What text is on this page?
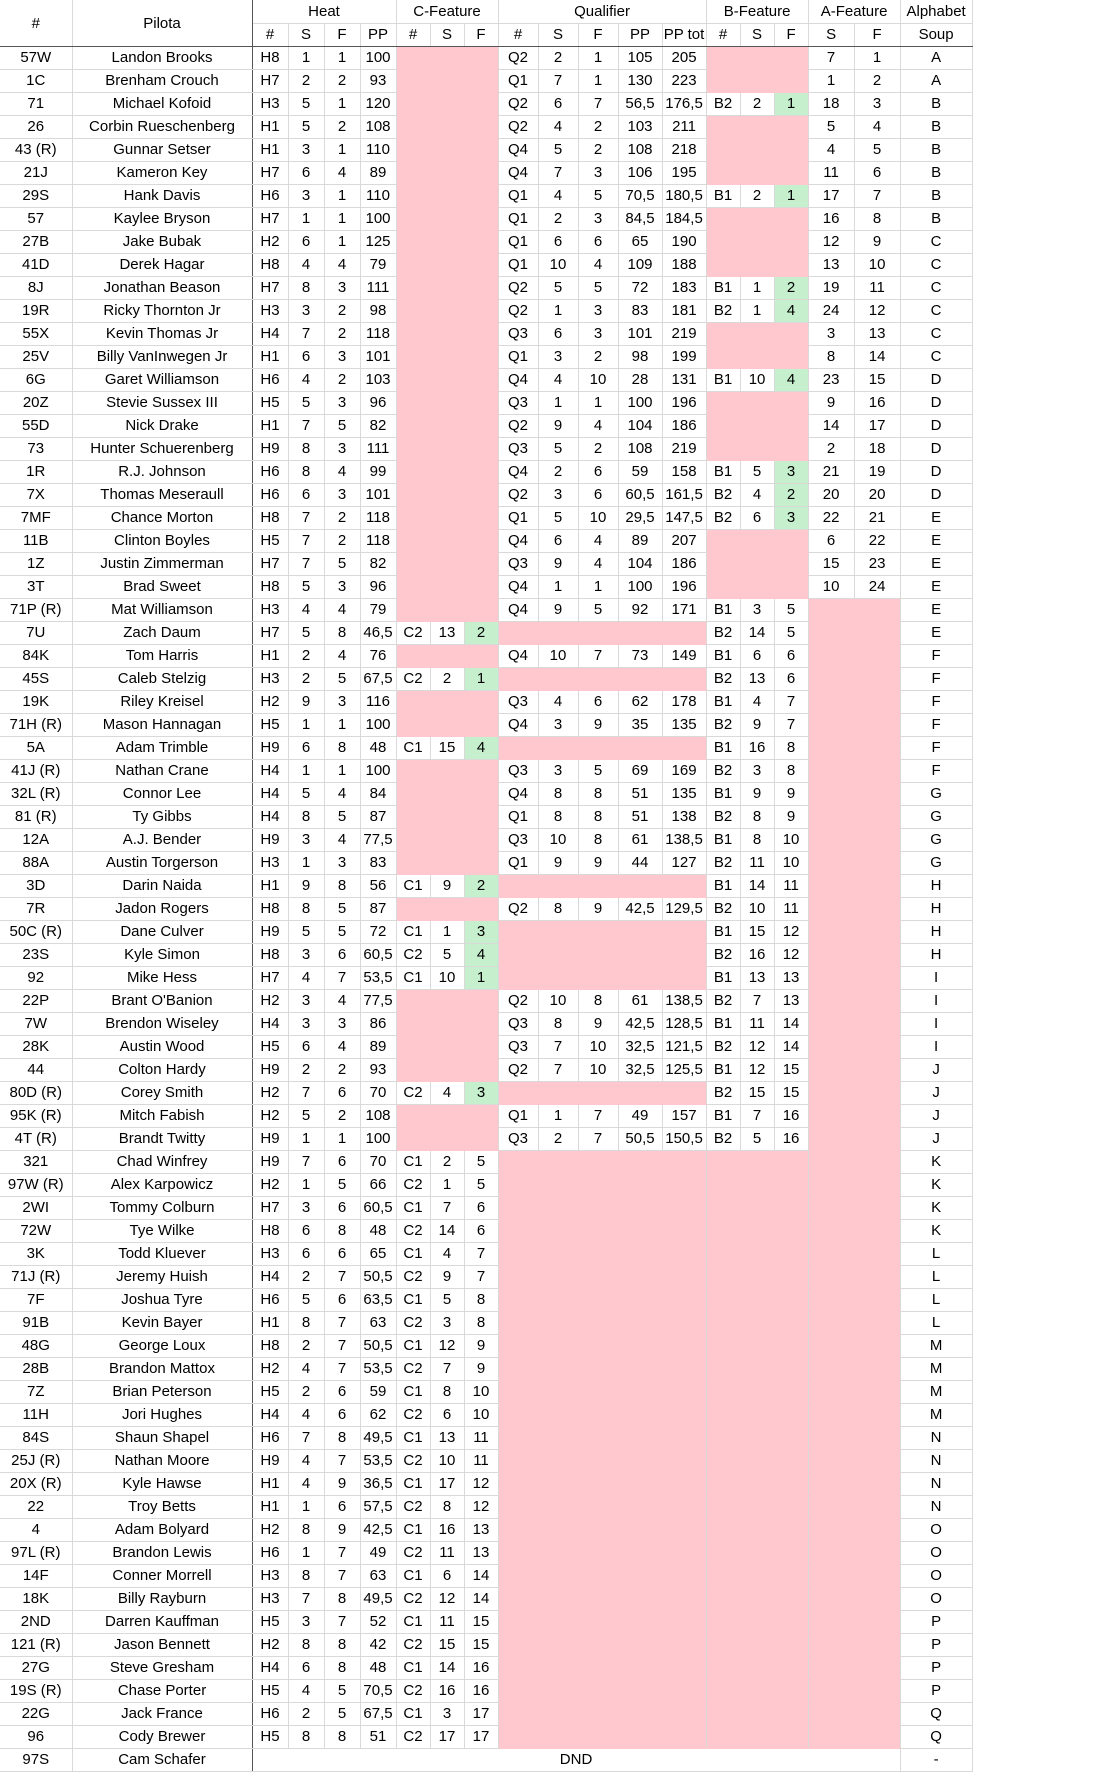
#	Pilota	Heat				C-Feature			Qualifier					B-Feature			A-Feature		Alphabet
		#	S	F	PP	#	S	F	#	S	F	PP	PP tot	#	S	F	S	F	Soup
57W	Landon Brooks	H8	1	1	100				Q2	2	1	105	205				7	1	A
1C	Brenham Crouch	H7	2	2	93				Q1	7	1	130	223				1	2	A
71	Michael Kofoid	H3	5	1	120				Q2	6	7	56,5	176,5	B2	2	1	18	3	B
26	Corbin Rueschenberg	H1	5	2	108				Q2	4	2	103	211				5	4	B
43 (R)	Gunnar Setser	H1	3	1	110				Q4	5	2	108	218				4	5	B
21J	Kameron Key	H7	6	4	89				Q4	7	3	106	195				11	6	B
29S	Hank Davis	H6	3	1	110				Q1	4	5	70,5	180,5	B1	2	1	17	7	B
57	Kaylee Bryson	H7	1	1	100				Q1	2	3	84,5	184,5				16	8	B
27B	Jake Bubak	H2	6	1	125				Q1	6	6	65	190				12	9	C
41D	Derek Hagar	H8	4	4	79				Q1	10	4	109	188				13	10	C
8J	Jonathan Beason	H7	8	3	111				Q2	5	5	72	183	B1	1	2	19	11	C
19R	Ricky Thornton Jr	H3	3	2	98				Q2	1	3	83	181	B2	1	4	24	12	C
55X	Kevin Thomas Jr	H4	7	2	118				Q3	6	3	101	219				3	13	C
25V	Billy VanInwegen Jr	H1	6	3	101				Q1	3	2	98	199				8	14	C
6G	Garet Williamson	H6	4	2	103				Q4	4	10	28	131	B1	10	4	23	15	D
20Z	Stevie Sussex III	H5	5	3	96				Q3	1	1	100	196				9	16	D
55D	Nick Drake	H1	7	5	82				Q2	9	4	104	186				14	17	D
73	Hunter Schuerenberg	H9	8	3	111				Q3	5	2	108	219				2	18	D
1R	R.J. Johnson	H6	8	4	99				Q4	2	6	59	158	B1	5	3	21	19	D
7X	Thomas Meseraull	H6	6	3	101				Q2	3	6	60,5	161,5	B2	4	2	20	20	D
7MF	Chance Morton	H8	7	2	118				Q1	5	10	29,5	147,5	B2	6	3	22	21	E
11B	Clinton Boyles	H5	7	2	118				Q4	6	4	89	207				6	22	E
1Z	Justin Zimmerman	H7	7	5	82				Q3	9	4	104	186				15	23	E
3T	Brad Sweet	H8	5	3	96				Q4	1	1	100	196				10	24	E
71P (R)	Mat Williamson	H3	4	4	79				Q4	9	5	92	171	B1	3	5			E
7U	Zach Daum	H7	5	8	46,5	C2	13	2						B2	14	5			E
84K	Tom Harris	H1	2	4	76				Q4	10	7	73	149	B1	6	6			F
45S	Caleb Stelzig	H3	2	5	67,5	C2	2	1						B2	13	6			F
19K	Riley Kreisel	H2	9	3	116				Q3	4	6	62	178	B1	4	7			F
71H (R)	Mason Hannagan	H5	1	1	100				Q4	3	9	35	135	B2	9	7			F
5A	Adam Trimble	H9	6	8	48	C1	15	4						B1	16	8			F
41J (R)	Nathan Crane	H4	1	1	100				Q3	3	5	69	169	B2	3	8			F
32L (R)	Connor Lee	H4	5	4	84				Q4	8	8	51	135	B1	9	9			G
81 (R)	Ty Gibbs	H4	8	5	87				Q1	8	8	51	138	B2	8	9			G
12A	A.J. Bender	H9	3	4	77,5				Q3	10	8	61	138,5	B1	8	10			G
88A	Austin Torgerson	H3	1	3	83				Q1	9	9	44	127	B2	11	10			G
3D	Darin Naida	H1	9	8	56	C1	9	2						B1	14	11			H
7R	Jadon Rogers	H8	8	5	87				Q2	8	9	42,5	129,5	B2	10	11			H
50C (R)	Dane Culver	H9	5	5	72	C1	1	3						B1	15	12			H
23S	Kyle Simon	H8	3	6	60,5	C2	5	4						B2	16	12			H
92	Mike Hess	H7	4	7	53,5	C1	10	1						B1	13	13			I
22P	Brant O'Banion	H2	3	4	77,5				Q2	10	8	61	138,5	B2	7	13			I
7W	Brendon Wiseley	H4	3	3	86				Q3	8	9	42,5	128,5	B1	11	14			I
28K	Austin Wood	H5	6	4	89				Q3	7	10	32,5	121,5	B2	12	14			I
44	Colton Hardy	H9	2	2	93				Q2	7	10	32,5	125,5	B1	12	15			J
80D (R)	Corey Smith	H2	7	6	70	C2	4	3						B2	15	15			J
95K (R)	Mitch Fabish	H2	5	2	108				Q1	1	7	49	157	B1	7	16			J
4T (R)	Brandt Twitty	H9	1	1	100				Q3	2	7	50,5	150,5	B2	5	16			J
321	Chad Winfrey	H9	7	6	70	C1	2	5											K
97W (R)	Alex Karpowicz	H2	1	5	66	C2	1	5											K
2WI	Tommy Colburn	H7	3	6	60,5	C1	7	6											K
72W	Tye Wilke	H8	6	8	48	C2	14	6											K
3K	Todd Kluever	H3	6	6	65	C1	4	7											L
71J (R)	Jeremy Huish	H4	2	7	50,5	C2	9	7											L
7F	Joshua Tyre	H6	5	6	63,5	C1	5	8											L
91B	Kevin Bayer	H1	8	7	63	C2	3	8											L
48G	George Loux	H8	2	7	50,5	C1	12	9											M
28B	Brandon Mattox	H2	4	7	53,5	C2	7	9											M
7Z	Brian Peterson	H5	2	6	59	C1	8	10											M
11H	Jori Hughes	H4	4	6	62	C2	6	10											M
84S	Shaun Shapel	H6	7	8	49,5	C1	13	11											N
25J (R)	Nathan Moore	H9	4	7	53,5	C2	10	11											N
20X (R)	Kyle Hawse	H1	4	9	36,5	C1	17	12											N
22	Troy Betts	H1	1	6	57,5	C2	8	12											N
4	Adam Bolyard	H2	8	9	42,5	C1	16	13											O
97L (R)	Brandon Lewis	H6	1	7	49	C2	11	13											O
14F	Conner Morrell	H3	8	7	63	C1	6	14											O
18K	Billy Rayburn	H3	7	8	49,5	C2	12	14											O
2ND	Darren Kauffman	H5	3	7	52	C1	11	15											P
121 (R)	Jason Bennett	H2	8	8	42	C2	15	15											P
27G	Steve Gresham	H4	6	8	48	C1	14	16											P
19S (R)	Chase Porter	H5	4	5	70,5	C2	16	16											P
22G	Jack France	H6	2	5	67,5	C1	3	17											Q
96	Cody Brewer	H5	8	8	51	C2	17	17											Q
97S	Cam Schafer	DND																	-
